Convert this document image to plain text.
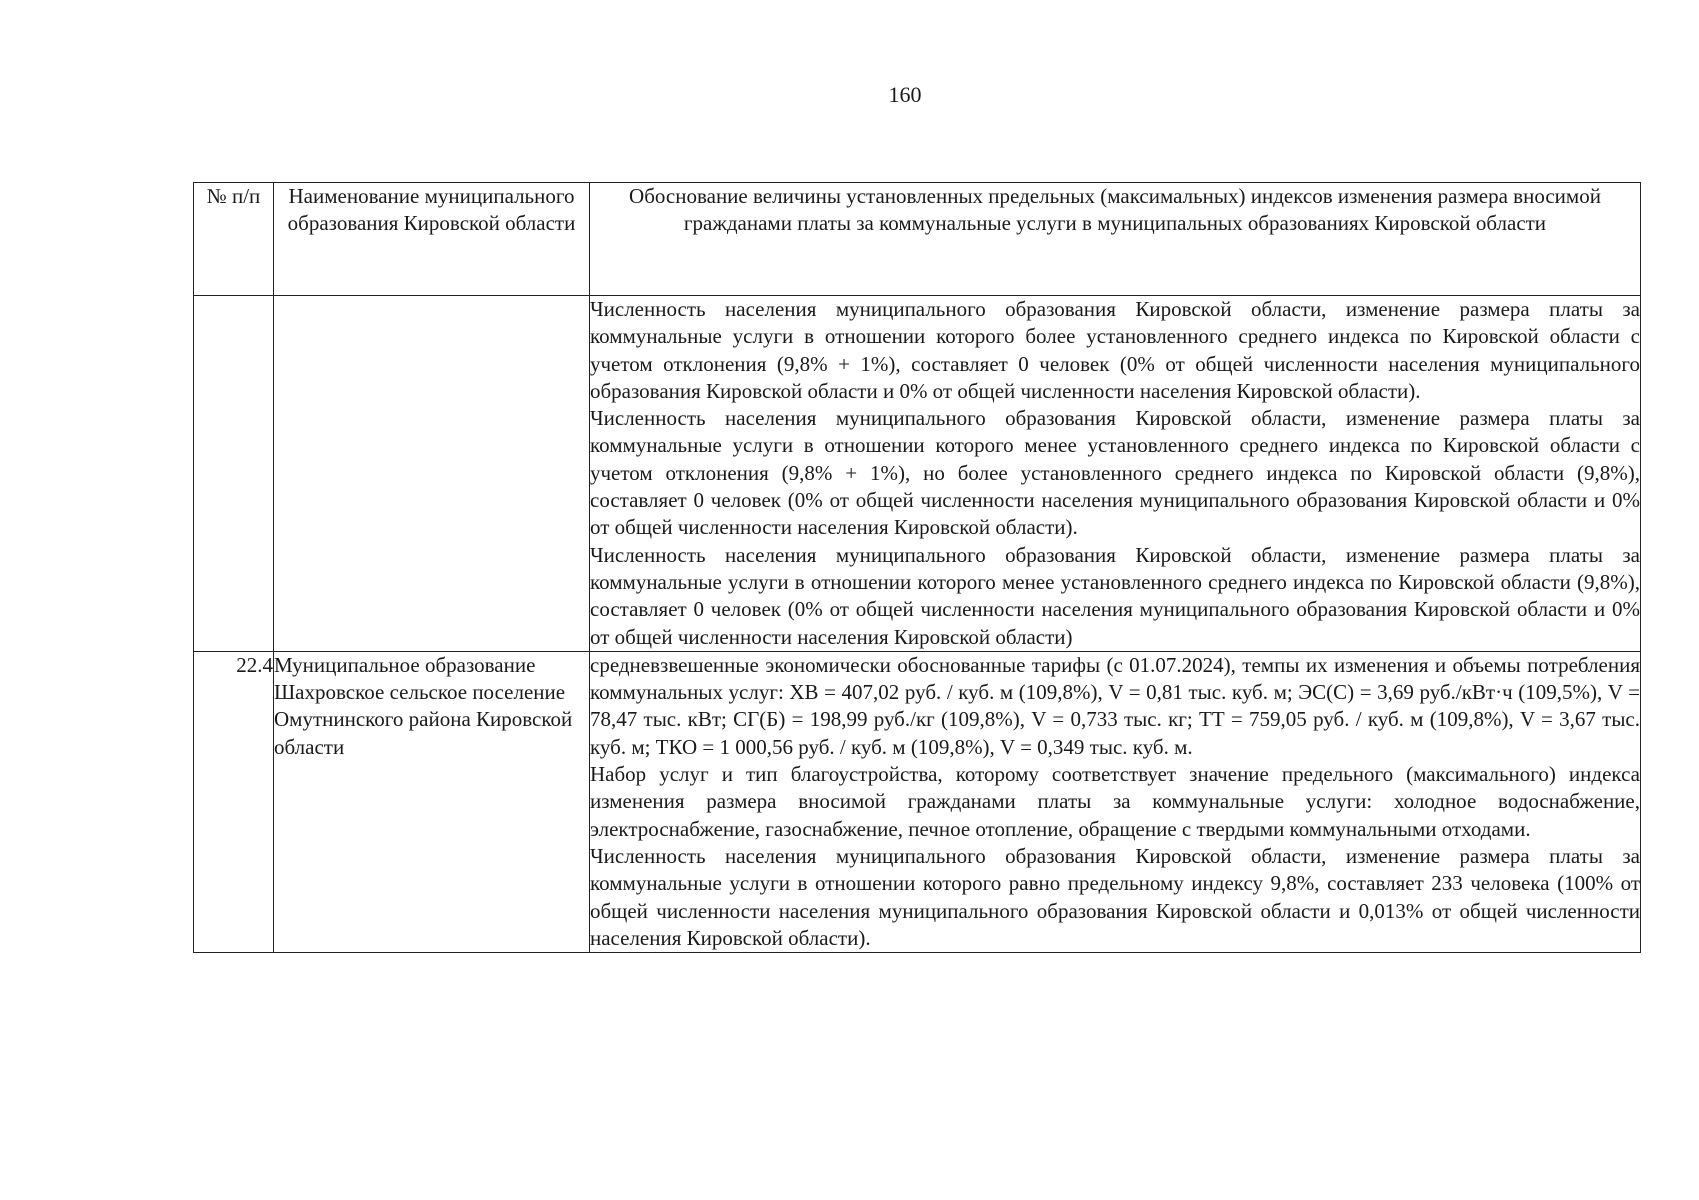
160
№ п/п	Наименование муниципального образования Кировской области	Обоснование величины установленных предельных (максимальных) индексов изменения размера вносимой гражданами платы за коммунальные услуги в муниципальных образованиях Кировской области

		Численность населения муниципального образования Кировской области, изменение размера платы за коммунальные услуги в отношении которого более установленного среднего индекса по Кировской области с учетом отклонения (9,8% + 1%), составляет 0 человек (0% от общей численности населения муниципального образования Кировской области и 0% от общей численности населения Кировской области).

Численность населения муниципального образования Кировской области, изменение размера платы за коммунальные услуги в отношении которого менее установленного среднего индекса по Кировской области с учетом отклонения (9,8% + 1%), но более установленного среднего индекса по Кировской области (9,8%), составляет 0 человек (0% от общей численности населения муниципального образования Кировской области и 0% от общей численности населения Кировской области).

Численность населения муниципального образования Кировской области, изменение размера платы за коммунальные услуги в отношении которого менее установленного среднего индекса по Кировской области (9,8%), составляет 0 человек (0% от общей численности населения муниципального образования Кировской области и 0% от общей численности населения Кировской области)

22.4	Муниципальное образование Шахровское сельское поселение Омутнинского района Кировской области	средневзвешенные экономически обоснованные тарифы (с 01.07.2024), темпы их изменения и объемы потребления коммунальных услуг: ХВ = 407,02 руб. / куб. м (109,8%), V = 0,81 тыс. куб. м; ЭС(С) = 3,69 руб./кВт·ч (109,5%), V = 78,47 тыс. кВт; СГ(Б) = 198,99 руб./кг (109,8%), V = 0,733 тыс. кг; ТТ = 759,05 руб. / куб. м (109,8%), V = 3,67 тыс. куб. м; ТКО = 1 000,56 руб. / куб. м (109,8%), V = 0,349 тыс. куб. м.

Набор услуг и тип благоустройства, которому соответствует значение предельного (максимального) индекса изменения размера вносимой гражданами платы за коммунальные услуги: холодное водоснабжение, электроснабжение, газоснабжение, печное отопление, обращение с твердыми коммунальными отходами.

Численность населения муниципального образования Кировской области, изменение размера платы за коммунальные услуги в отношении которого равно предельному индексу 9,8%, составляет 233 человека (100% от общей численности населения муниципального образования Кировской области и 0,013% от общей численности населения Кировской области).
